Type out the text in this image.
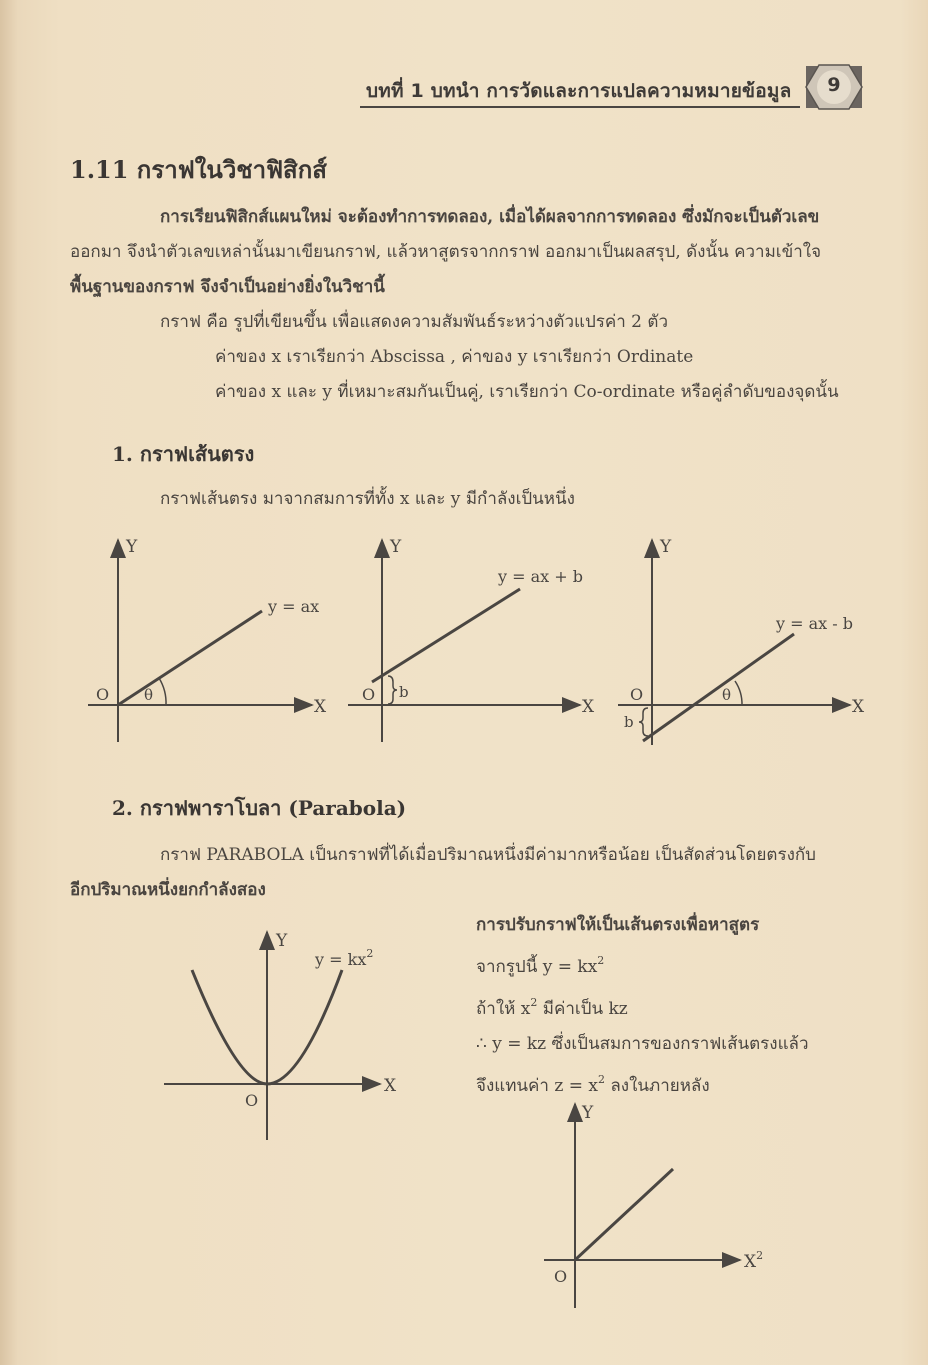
บทที่ 1 บทนำ การวัดและการแปลความหมายข้อมูล	9
1.11 กราฟในวิชาฟิสิกส์
การเรียนฟิสิกส์แผนใหม่ จะต้องทำการทดลอง, เมื่อได้ผลจากการทดลอง ซึ่งมักจะเป็นตัวเลข
ออกมา จึงนำตัวเลขเหล่านั้นมาเขียนกราฟ, แล้วหาสูตรจากกราฟ ออกมาเป็นผลสรุป, ดังนั้น ความเข้าใจ
พื้นฐานของกราฟ จึงจำเป็นอย่างยิ่งในวิชานี้
กราฟ คือ รูปที่เขียนขึ้น เพื่อแสดงความสัมพันธ์ระหว่างตัวแปรค่า 2 ตัว
ค่าของ x เราเรียกว่า Abscissa , ค่าของ y เราเรียกว่า Ordinate
ค่าของ x และ y ที่เหมาะสมกันเป็นคู่, เราเรียกว่า Co-ordinate หรือคู่ลำดับของจุดนั้น
1. กราฟเส้นตรง
กราฟเส้นตรง มาจากสมการที่ทั้ง x และ y มีกำลังเป็นหนึ่ง
Y
X
O θ
y = ax
Y
X
O b
y = ax + b
Y
X
O	θ
b
y = ax - b
2. กราฟพาราโบลา (Parabola)
กราฟ PARABOLA เป็นกราฟที่ได้เมื่อปริมาณหนึ่งมีค่ามากหรือน้อย เป็นสัดส่วนโดยตรงกับ
อีกปริมาณหนึ่งยกกำลังสอง
Y
X
O
$y = kx^2$
การปรับกราฟให้เป็นเส้นตรงเพื่อหาสูตร
จากรูปนี้ $y = kx^2$
ถ้าให้ $x^2$ มีค่าเป็น kz
∴ y = kz ซึ่งเป็นสมการของกราฟเส้นตรงแล้ว
จึงแทนค่า $z = x^2$ ลงในภายหลัง
Y
$X^2$
O
